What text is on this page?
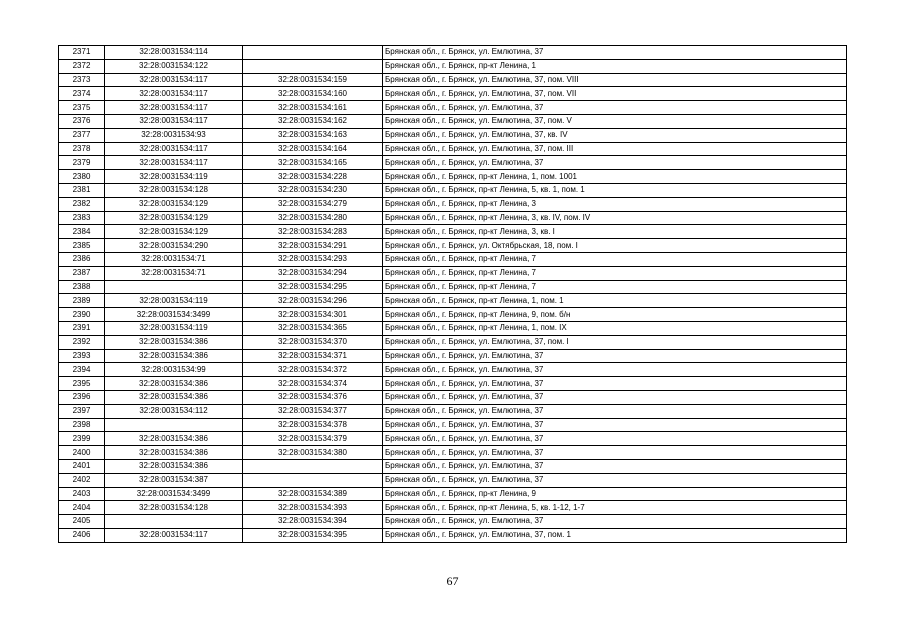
2371	32:28:0031534:114		Брянская обл., г. Брянск, ул. Емлютина, 37
2372	32:28:0031534:122		Брянская обл., г. Брянск, пр-кт Ленина, 1
2373	32:28:0031534:117	32:28:0031534:159	Брянская обл., г. Брянск, ул. Емлютина, 37, пом. VIII
2374	32:28:0031534:117	32:28:0031534:160	Брянская обл., г. Брянск, ул. Емлютина, 37, пом. VII
2375	32:28:0031534:117	32:28:0031534:161	Брянская обл., г. Брянск, ул. Емлютина, 37
2376	32:28:0031534:117	32:28:0031534:162	Брянская обл., г. Брянск, ул. Емлютина, 37, пом. V
2377	32:28:0031534:93	32:28:0031534:163	Брянская обл., г. Брянск, ул. Емлютина, 37, кв. IV
2378	32:28:0031534:117	32:28:0031534:164	Брянская обл., г. Брянск, ул. Емлютина, 37, пом. III
2379	32:28:0031534:117	32:28:0031534:165	Брянская обл., г. Брянск, ул. Емлютина, 37
2380	32:28:0031534:119	32:28:0031534:228	Брянская обл., г. Брянск, пр-кт Ленина, 1, пом. 1001
2381	32:28:0031534:128	32:28:0031534:230	Брянская обл., г. Брянск, пр-кт Ленина, 5, кв. 1, пом. 1
2382	32:28:0031534:129	32:28:0031534:279	Брянская обл., г. Брянск, пр-кт Ленина, 3
2383	32:28:0031534:129	32:28:0031534:280	Брянская обл., г. Брянск, пр-кт Ленина, 3, кв. IV, пом. IV
2384	32:28:0031534:129	32:28:0031534:283	Брянская обл., г. Брянск, пр-кт Ленина, 3, кв. I
2385	32:28:0031534:290	32:28:0031534:291	Брянская обл., г. Брянск, ул. Октябрьская, 18, пом. I
2386	32:28:0031534:71	32:28:0031534:293	Брянская обл., г. Брянск, пр-кт Ленина, 7
2387	32:28:0031534:71	32:28:0031534:294	Брянская обл., г. Брянск, пр-кт Ленина, 7
2388		32:28:0031534:295	Брянская обл., г. Брянск, пр-кт Ленина, 7
2389	32:28:0031534:119	32:28:0031534:296	Брянская обл., г. Брянск, пр-кт Ленина, 1, пом. 1
2390	32:28:0031534:3499	32:28:0031534:301	Брянская обл., г. Брянск, пр-кт Ленина, 9, пом. б/н
2391	32:28:0031534:119	32:28:0031534:365	Брянская обл., г. Брянск, пр-кт Ленина, 1, пом. IX
2392	32:28:0031534:386	32:28:0031534:370	Брянская обл., г. Брянск, ул. Емлютина, 37, пом. I
2393	32:28:0031534:386	32:28:0031534:371	Брянская обл., г. Брянск, ул. Емлютина, 37
2394	32:28:0031534:99	32:28:0031534:372	Брянская обл., г. Брянск, ул. Емлютина, 37
2395	32:28:0031534:386	32:28:0031534:374	Брянская обл., г. Брянск, ул. Емлютина, 37
2396	32:28:0031534:386	32:28:0031534:376	Брянская обл., г. Брянск, ул. Емлютина, 37
2397	32:28:0031534:112	32:28:0031534:377	Брянская обл., г. Брянск, ул. Емлютина, 37
2398		32:28:0031534:378	Брянская обл., г. Брянск, ул. Емлютина, 37
2399	32:28:0031534:386	32:28:0031534:379	Брянская обл., г. Брянск, ул. Емлютина, 37
2400	32:28:0031534:386	32:28:0031534:380	Брянская обл., г. Брянск, ул. Емлютина, 37
2401	32:28:0031534:386		Брянская обл., г. Брянск, ул. Емлютина, 37
2402	32:28:0031534:387		Брянская обл., г. Брянск, ул. Емлютина, 37
2403	32:28:0031534:3499	32:28:0031534:389	Брянская обл., г. Брянск, пр-кт Ленина, 9
2404	32:28:0031534:128	32:28:0031534:393	Брянская обл., г. Брянск, пр-кт Ленина, 5, кв. 1-12, 1-7
2405		32:28:0031534:394	Брянская обл., г. Брянск, ул. Емлютина, 37
2406	32:28:0031534:117	32:28:0031534:395	Брянская обл., г. Брянск, ул. Емлютина, 37, пом. 1
67
